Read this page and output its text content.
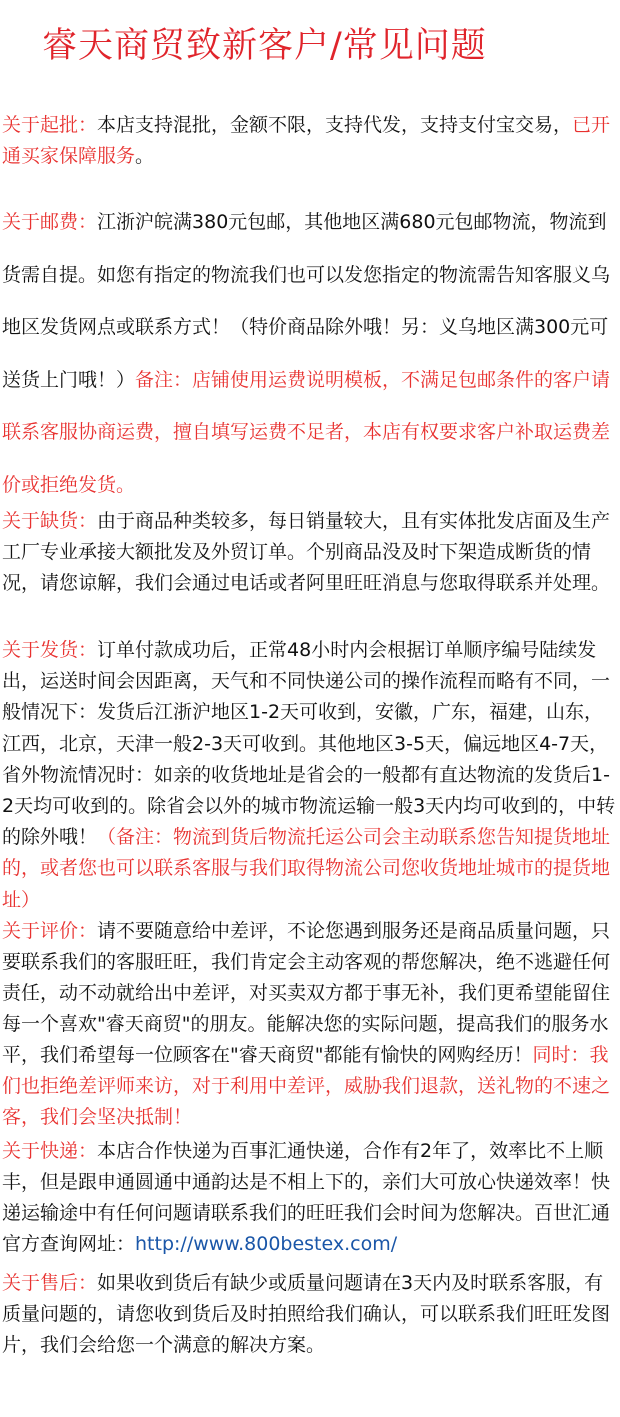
睿天商贸致新客户/常见问题
关于起批：本店支持混批，金额不限，支持代发，支持支付宝交易，已开通买家保障服务。
关于邮费：江浙沪皖满380元包邮，其他地区满680元包邮物流，物流到货需自提。如您有指定的物流我们也可以发您指定的物流需告知客服义乌地区发货网点或联系方式！（特价商品除外哦！另：义乌地区满300元可送货上门哦！）备注：店铺使用运费说明模板，不满足包邮条件的客户请联系客服协商运费，擅自填写运费不足者，本店有权要求客户补取运费差价或拒绝发货。
关于缺货：由于商品种类较多，每日销量较大，且有实体批发店面及生产工厂专业承接大额批发及外贸订单。个别商品没及时下架造成断货的情况，请您谅解，我们会通过电话或者阿里旺旺消息与您取得联系并处理。
关于发货：订单付款成功后，正常48小时内会根据订单顺序编号陆续发出，运送时间会因距离，天气和不同快递公司的操作流程而略有不同，一般情况下：发货后江浙沪地区1-2天可收到，安徽，广东，福建，山东，江西，北京，天津一般2-3天可收到。其他地区3-5天，偏远地区4-7天，省外物流情况时：如亲的收货地址是省会的一般都有直达物流的发货后1-2天均可收到的。除省会以外的城市物流运输一般3天内均可收到的，中转的除外哦！（备注：物流到货后物流托运公司会主动联系您告知提货地址的，或者您也可以联系客服与我们取得物流公司您收货地址城市的提货地址）
关于评价：请不要随意给中差评，不论您遇到服务还是商品质量问题，只要联系我们的客服旺旺，我们肯定会主动客观的帮您解决，绝不逃避任何责任，动不动就给出中差评，对买卖双方都于事无补，我们更希望能留住每一个喜欢"睿天商贸"的朋友。能解决您的实际问题，提高我们的服务水平，我们希望每一位顾客在"睿天商贸"都能有愉快的网购经历！同时：我们也拒绝差评师来访，对于利用中差评，威胁我们退款，送礼物的不速之客，我们会坚决抵制！
关于快递：本店合作快递为百事汇通快递，合作有2年了，效率比不上顺丰，但是跟申通圆通中通韵达是不相上下的，亲们大可放心快递效率！快递运输途中有任何问题请联系我们的旺旺我们会时间为您解决。百世汇通官方查询网址：http://www.800bestex.com/
关于售后：如果收到货后有缺少或质量问题请在3天内及时联系客服，有质量问题的，请您收到货后及时拍照给我们确认，可以联系我们旺旺发图片，我们会给您一个满意的解决方案。
